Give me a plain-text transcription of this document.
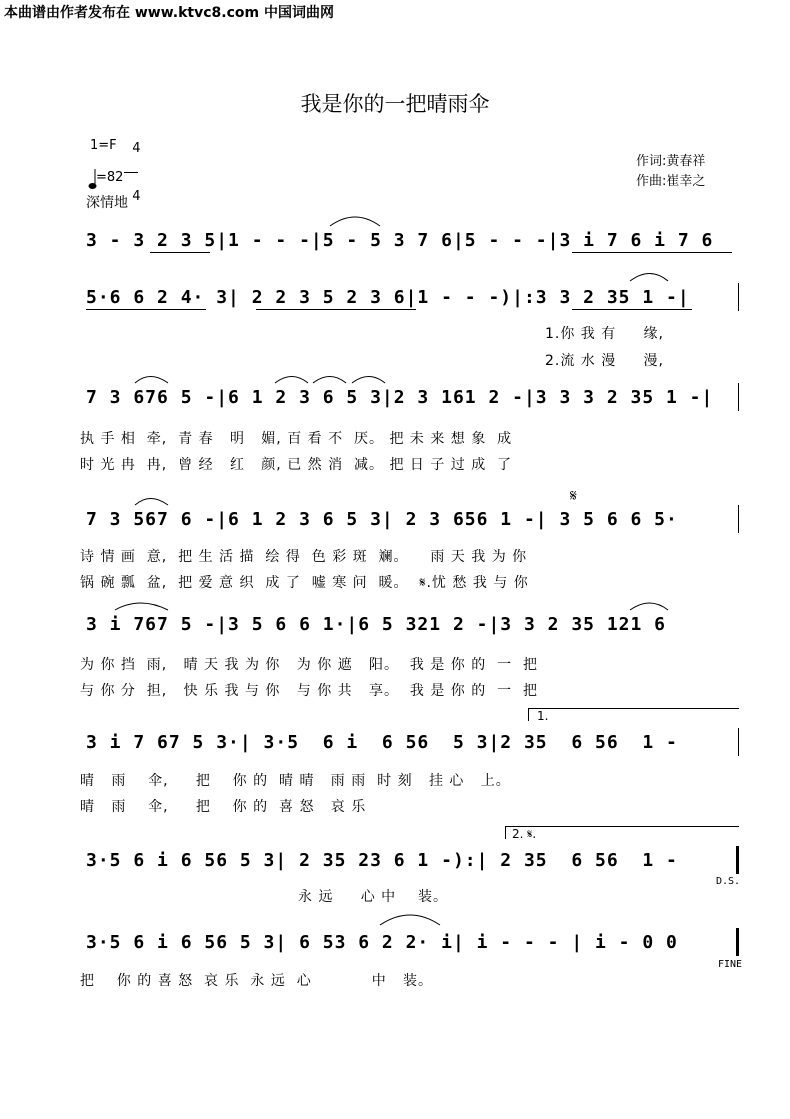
本曲谱由作者发布在 www.ktvc8.com 中国词曲网
我是你的一把晴雨伞
1=F	4

4

=82
深情地
作词:黄春祥
作曲:崔幸之
3 - 3 2 3 5|1 - - -|5 - 5 3 7 6|5 - - -|3 i 7 6 i 7 6
5·6 6 2 4· 3| 2 2 3 5 2 3 6|1 - - -)|:3 3 2 35 1 -|
1.你 我 有     缘,
2.流 水 漫     漫,
7 3 676 5 -|6 1 2 3 6 5 3|2 3 161 2 -|3 3 3 2 35 1 -|
执 手 相  牵,  青 春   明   媚, 百 看 不  厌。 把 未 来 想 象  成
时 光 冉  冉,  曾 经   红   颜, 已 然 消  减。 把 日 子 过 成  了
7 3 567 6 -|6 1 2 3 6 5 3| 2 3 656 1 -| 3 5 6 6 5·
𝄋
诗 情 画  意,  把 生 活 描  绘 得  色 彩 斑  斓。    雨 天 我 为 你
锅 碗 瓢  盆,  把 爱 意 织  成 了  嘘 寒 问  暖。  𝄋.忧 愁 我 与 你
3 i 767 5 -|3 5 6 6 1·|6 5 321 2 -|3 3 2 35 121 6
为 你 挡  雨,   晴 天 我 为 你   为 你 遮   阳。  我 是 你 的  一  把
与 你 分  担,   快 乐 我 与 你   与 你 共   享。  我 是 你 的  一  把
1.
3 i 7 67 5 3·| 3·5  6 i  6 56  5 3|2 35  6 56  1 -
晴   雨    伞,     把    你 的  晴 晴   雨 雨  时 刻   挂 心   上。
晴   雨    伞,     把    你 的  喜 怒   哀 乐
2. 𝄋.
3·5 6 i 6 56 5 3| 2 35 23 6 1 -):| 2 35  6 56  1 -
D.S.
永 远     心 中    装。
3·5 6 i 6 56 5 3| 6 53 6 2 2· i| i - - - | i - 0 0
FINE
把    你 的 喜 怒  哀 乐  永 远  心           中   装。
